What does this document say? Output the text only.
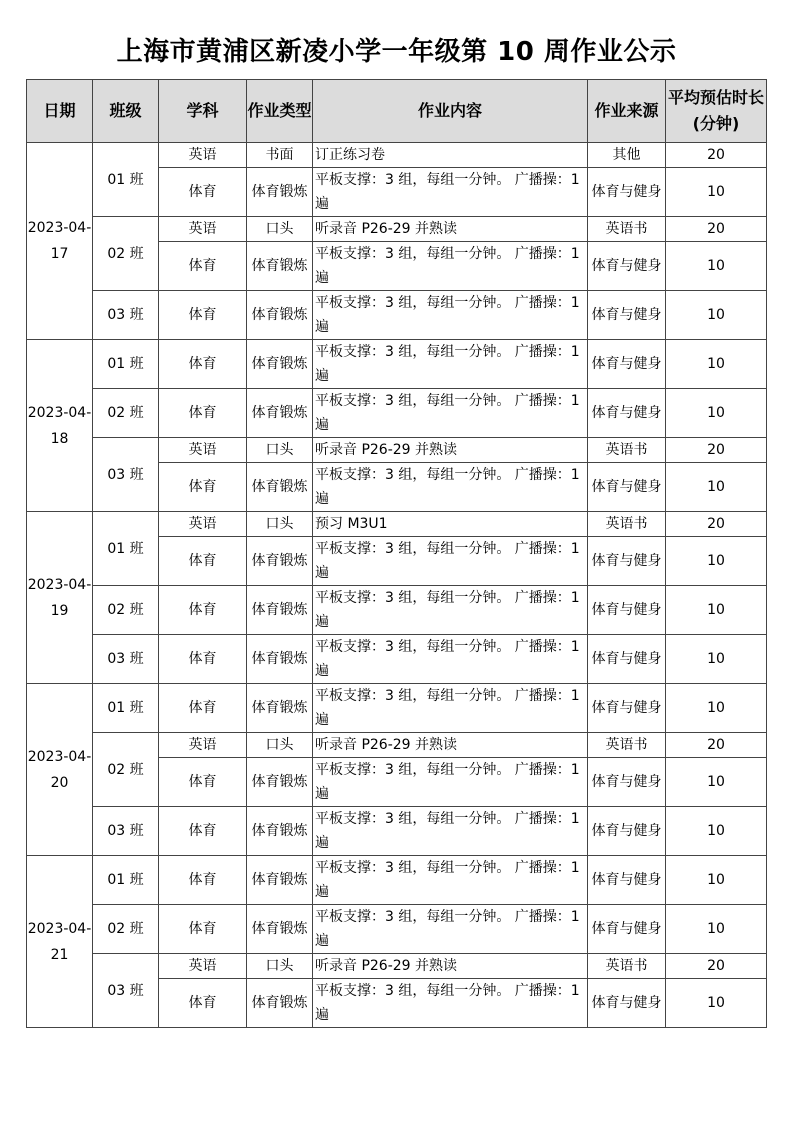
上海市黄浦区新凌小学一年级第 10 周作业公示
日期	班级	学科	作业类型	作业内容	作业来源	平均预估时长(分钟)
2023-04-17	01 班	英语	书面	订正练习卷	其他	20
		体育	体育锻炼	平板支撑：3 组，每组一分钟。 广播操：1 遍	体育与健身	10
	02 班	英语	口头	听录音 P26-29 并熟读	英语书	20
		体育	体育锻炼	平板支撑：3 组，每组一分钟。 广播操：1 遍	体育与健身	10
	03 班	体育	体育锻炼	平板支撑：3 组，每组一分钟。 广播操：1 遍	体育与健身	10
2023-04-18	01 班	体育	体育锻炼	平板支撑：3 组，每组一分钟。 广播操：1 遍	体育与健身	10
	02 班	体育	体育锻炼	平板支撑：3 组，每组一分钟。 广播操：1 遍	体育与健身	10
	03 班	英语	口头	听录音 P26-29 并熟读	英语书	20
		体育	体育锻炼	平板支撑：3 组，每组一分钟。 广播操：1 遍	体育与健身	10
2023-04-19	01 班	英语	口头	预习 M3U1	英语书	20
		体育	体育锻炼	平板支撑：3 组，每组一分钟。 广播操：1 遍	体育与健身	10
	02 班	体育	体育锻炼	平板支撑：3 组，每组一分钟。 广播操：1 遍	体育与健身	10
	03 班	体育	体育锻炼	平板支撑：3 组，每组一分钟。 广播操：1 遍	体育与健身	10
2023-04-20	01 班	体育	体育锻炼	平板支撑：3 组，每组一分钟。 广播操：1 遍	体育与健身	10
	02 班	英语	口头	听录音 P26-29 并熟读	英语书	20
		体育	体育锻炼	平板支撑：3 组，每组一分钟。 广播操：1 遍	体育与健身	10
	03 班	体育	体育锻炼	平板支撑：3 组，每组一分钟。 广播操：1 遍	体育与健身	10
2023-04-21	01 班	体育	体育锻炼	平板支撑：3 组，每组一分钟。 广播操：1 遍	体育与健身	10
	02 班	体育	体育锻炼	平板支撑：3 组，每组一分钟。 广播操：1 遍	体育与健身	10
	03 班	英语	口头	听录音 P26-29 并熟读	英语书	20
		体育	体育锻炼	平板支撑：3 组，每组一分钟。 广播操：1 遍	体育与健身	10
